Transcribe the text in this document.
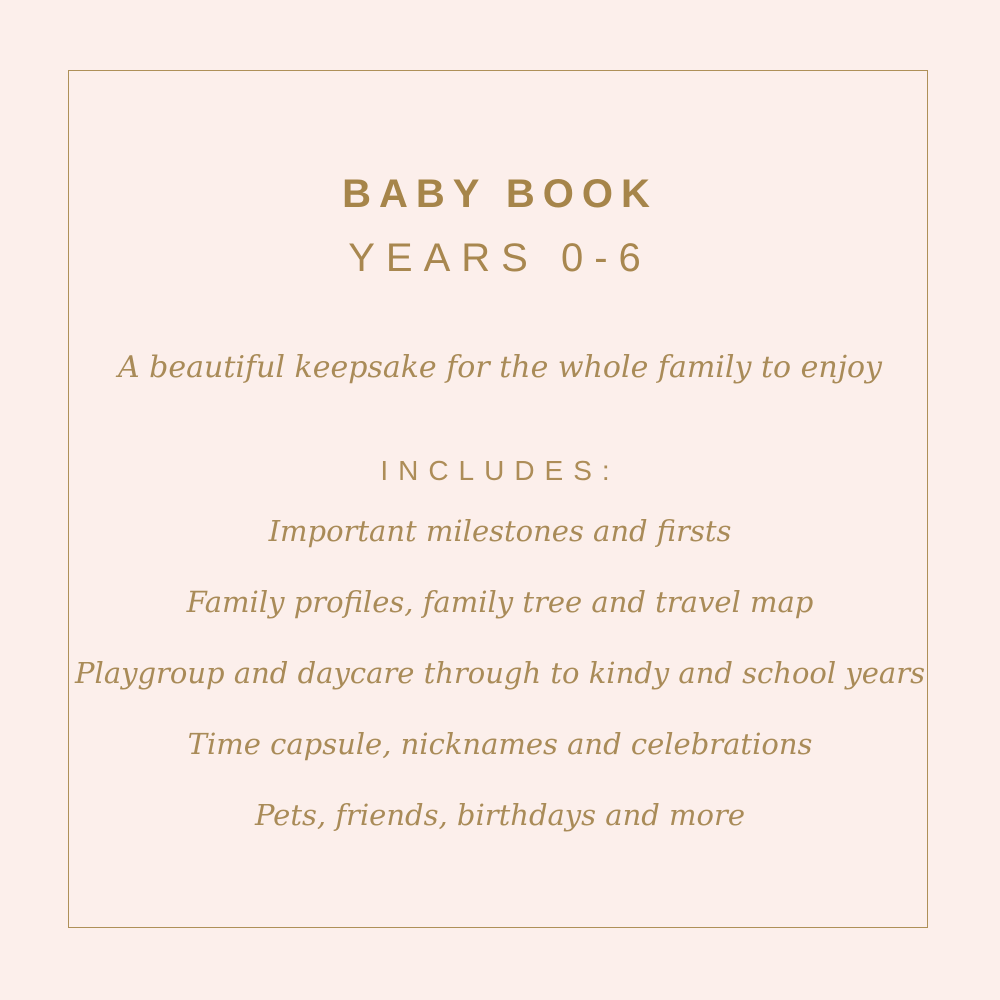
BABY BOOK
YEARS 0-6

A beautiful keepsake for the whole family to enjoy

INCLUDES:
Important milestones and firsts
Family profiles, family tree and travel map
Playgroup and daycare through to kindy and school years
Time capsule, nicknames and celebrations
Pets, friends, birthdays and more
